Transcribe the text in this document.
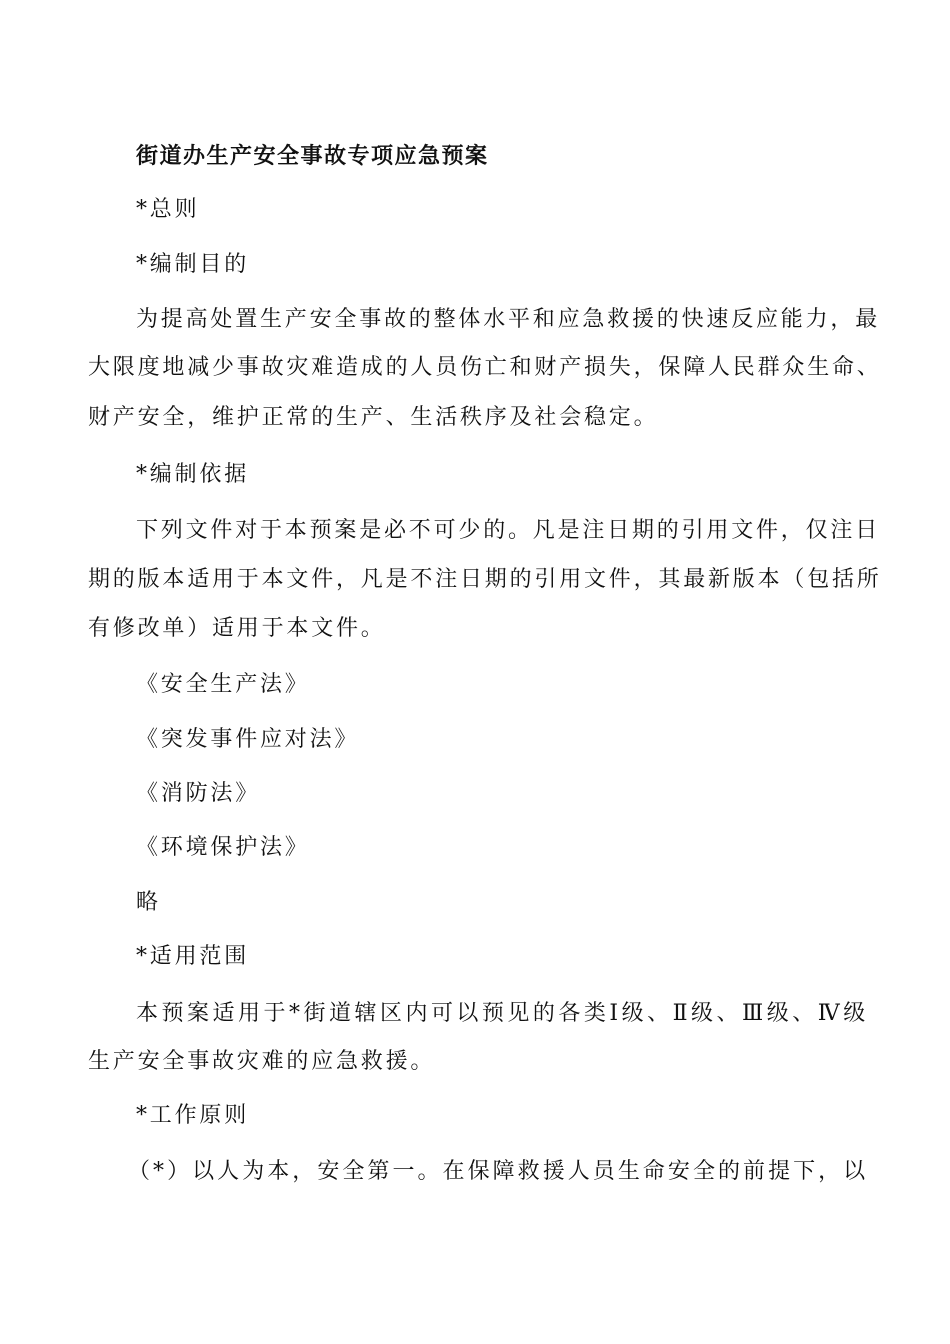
街道办生产安全事故专项应急预案
*总则
*编制目的
为提高处置生产安全事故的整体水平和应急救援的快速反应能力，最
大限度地减少事故灾难造成的人员伤亡和财产损失，保障人民群众生命、
财产安全，维护正常的生产、生活秩序及社会稳定。
*编制依据
下列文件对于本预案是必不可少的。凡是注日期的引用文件，仅注日
期的版本适用于本文件，凡是不注日期的引用文件，其最新版本（包括所
有修改单）适用于本文件。
《安全生产法》
《突发事件应对法》
《消防法》
《环境保护法》
略
*适用范围
本预案适用于*街道辖区内可以预见的各类Ⅰ级、Ⅱ级、Ⅲ级、Ⅳ级
生产安全事故灾难的应急救援。
*工作原则
（*）以人为本，安全第一。在保障救援人员生命安全的前提下，以
